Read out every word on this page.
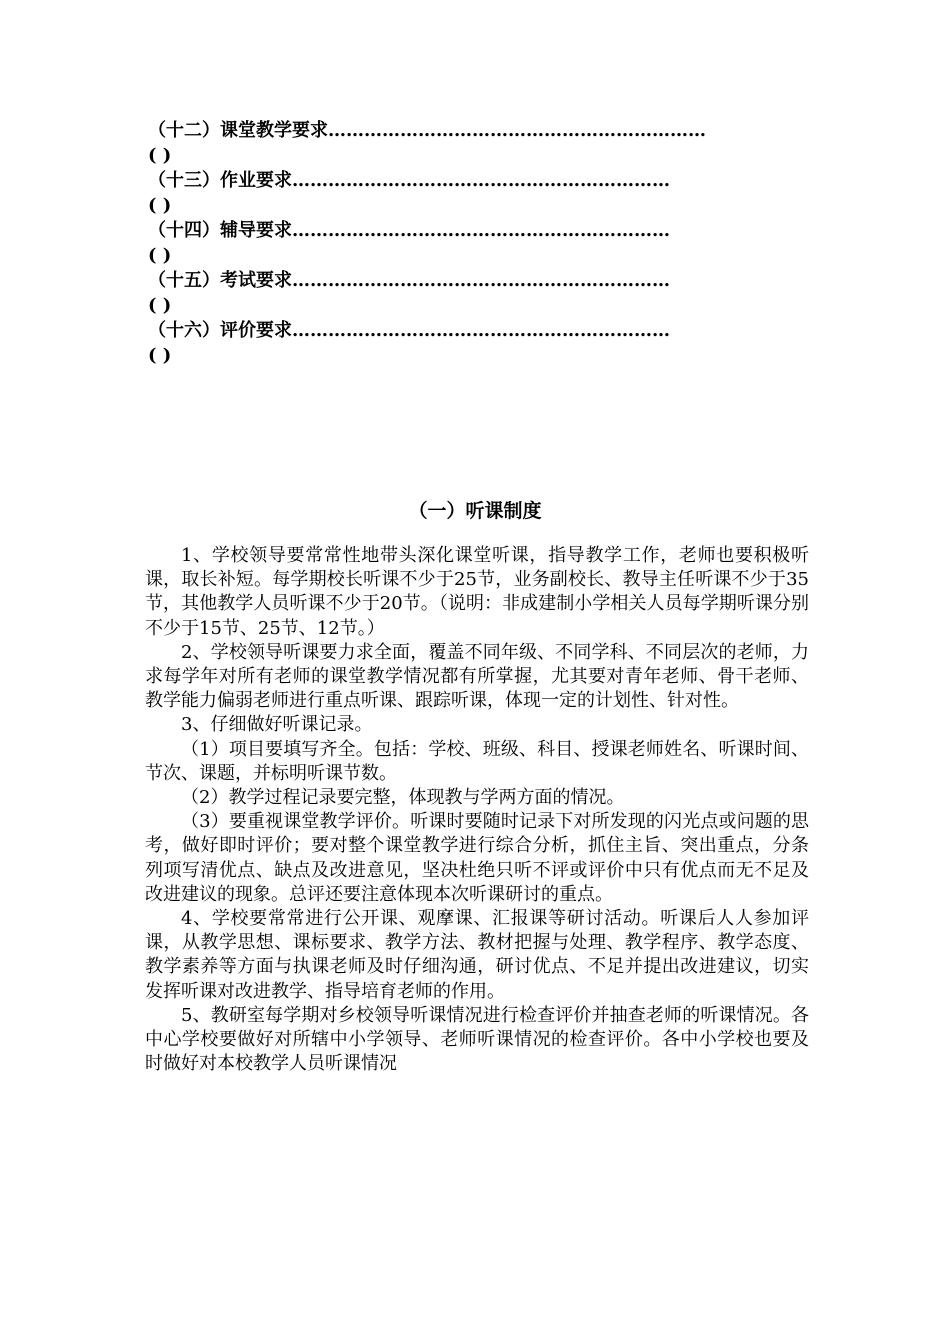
（十二）课堂教学要求………………………………………………………
( )
（十三）作业要求………………………………………………………
( )
（十四）辅导要求………………………………………………………
( )
（十五）考试要求………………………………………………………
( )
（十六）评价要求………………………………………………………
( )
（一）听课制度

1、学校领导要常常性地带头深化课堂听课，指导教学工作，老师也要积极听课，取长补短。每学期校长听课不少于25节，业务副校长、教导主任听课不少于35节，其他教学人员听课不少于20节。（说明：非成建制小学相关人员每学期听课分别不少于15节、25节、12节。）

2、学校领导听课要力求全面，覆盖不同年级、不同学科、不同层次的老师，力求每学年对所有老师的课堂教学情况都有所掌握，尤其要对青年老师、骨干老师、教学能力偏弱老师进行重点听课、跟踪听课，体现一定的计划性、针对性。

3、仔细做好听课记录。

（1）项目要填写齐全。包括：学校、班级、科目、授课老师姓名、听课时间、节次、课题，并标明听课节数。

（2）教学过程记录要完整，体现教与学两方面的情况。

（3）要重视课堂教学评价。听课时要随时记录下对所发现的闪光点或问题的思考，做好即时评价；要对整个课堂教学进行综合分析，抓住主旨、突出重点，分条列项写清优点、缺点及改进意见，坚决杜绝只听不评或评价中只有优点而无不足及改进建议的现象。总评还要注意体现本次听课研讨的重点。

4、学校要常常进行公开课、观摩课、汇报课等研讨活动。听课后人人参加评课，从教学思想、课标要求、教学方法、教材把握与处理、教学程序、教学态度、教学素养等方面与执课老师及时仔细沟通，研讨优点、不足并提出改进建议，切实发挥听课对改进教学、指导培育老师的作用。

5、教研室每学期对乡校领导听课情况进行检查评价并抽查老师的听课情况。各中心学校要做好对所辖中小学领导、老师听课情况的检查评价。各中小学校也要及时做好对本校教学人员听课情况
